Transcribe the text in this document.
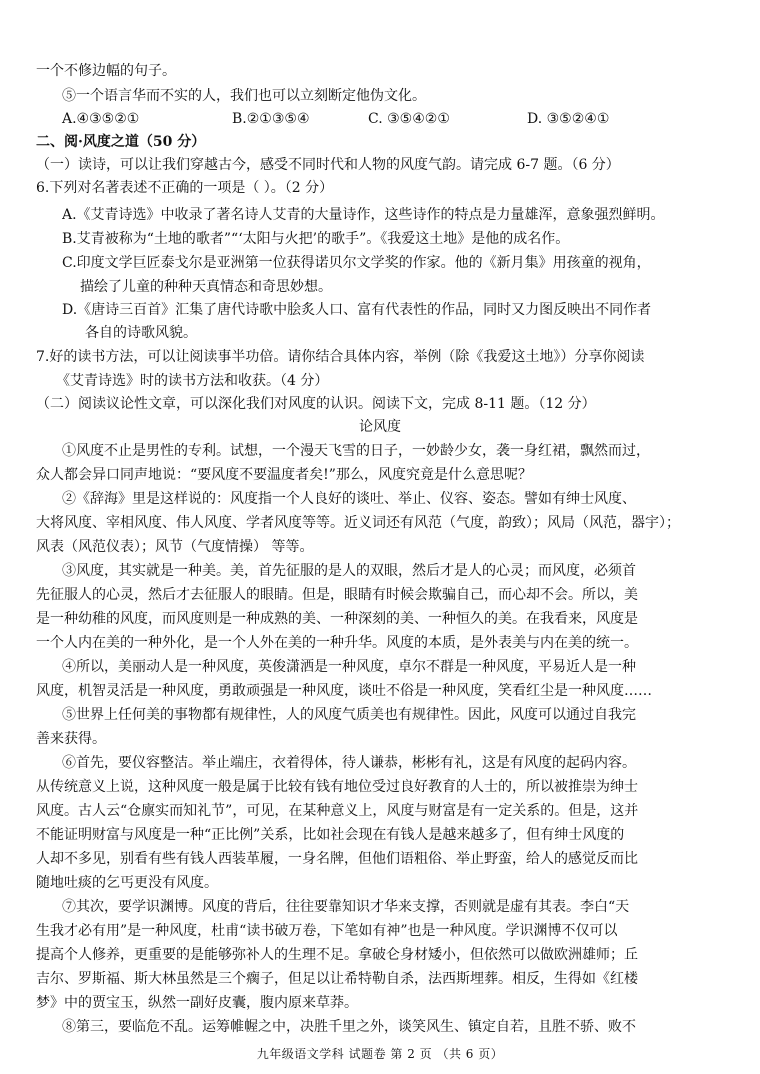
一个不修边幅的句子。
⑤一个语言华而不实的人，我们也可以立刻断定他伪文化。
A.④③⑤②①	B.②①③⑤④	C. ③⑤④②①	D. ③⑤②④①
二、阅·风度之道（50 分）
（一）读诗，可以让我们穿越古今，感受不同时代和人物的风度气韵。请完成 6-7 题。（6 分）
6.下列对名著表述不正确的一项是（ ）。（2 分）
A.《艾青诗选》中收录了著名诗人艾青的大量诗作，这些诗作的特点是力量雄浑，意象强烈鲜明。
B.艾青被称为“土地的歌者”“‘太阳与火把’的歌手”。《我爱这土地》是他的成名作。
C.印度文学巨匠泰戈尔是亚洲第一位获得诺贝尔文学奖的作家。他的《新月集》用孩童的视角，
描绘了儿童的种种天真情态和奇思妙想。
D.《唐诗三百首》汇集了唐代诗歌中脍炙人口、富有代表性的作品，同时又力图反映出不同作者
各自的诗歌风貌。
7.好的读书方法，可以让阅读事半功倍。请你结合具体内容，举例（除《我爱这土地》）分享你阅读
《艾青诗选》时的读书方法和收获。（4 分）
（二）阅读议论性文章，可以深化我们对风度的认识。阅读下文，完成 8-11 题。（12 分）
论风度
①风度不止是男性的专利。试想，一个漫天飞雪的日子，一妙龄少女，袭一身红裙，飘然而过，
众人都会异口同声地说：“要风度不要温度者矣!”那么，风度究竟是什么意思呢？
②《辞海》里是这样说的：风度指一个人良好的谈吐、举止、仪容、姿态。譬如有绅士风度、
大将风度、宰相风度、伟人风度、学者风度等等。近义词还有风范（气度，韵致）；风局（风范，器宇）；
风表（风范仪表）；风节（气度情操） 等等。
③风度，其实就是一种美。美，首先征服的是人的双眼，然后才是人的心灵；而风度，必须首
先征服人的心灵，然后才去征服人的眼睛。但是，眼睛有时候会欺骗自己，而心却不会。所以，美
是一种幼稚的风度，而风度则是一种成熟的美、一种深刻的美、一种恒久的美。在我看来，风度是
一个人内在美的一种外化，是一个人外在美的一种升华。风度的本质，是外表美与内在美的统一。
④所以，美丽动人是一种风度，英俊潇洒是一种风度，卓尔不群是一种风度，平易近人是一种
风度，机智灵活是一种风度，勇敢顽强是一种风度，谈吐不俗是一种风度，笑看红尘是一种风度……
⑤世界上任何美的事物都有规律性，人的风度气质美也有规律性。因此，风度可以通过自我完
善来获得。
⑥首先，要仪容整洁。举止端庄，衣着得体，待人谦恭，彬彬有礼，这是有风度的起码内容。
从传统意义上说，这种风度一般是属于比较有钱有地位受过良好教育的人士的，所以被推崇为绅士
风度。古人云“仓廪实而知礼节”，可见，在某种意义上，风度与财富是有一定关系的。但是，这并
不能证明财富与风度是一种“正比例”关系，比如社会现在有钱人是越来越多了，但有绅士风度的
人却不多见，别看有些有钱人西装革履，一身名牌，但他们语粗俗、举止野蛮，给人的感觉反而比
随地吐痰的乞丐更没有风度。
⑦其次，要学识渊博。风度的背后，往往要靠知识才华来支撑，否则就是虚有其表。李白“天
生我才必有用”是一种风度，杜甫“读书破万卷，下笔如有神”也是一种风度。学识渊博不仅可以
提高个人修养，更重要的是能够弥补人的生理不足。拿破仑身材矮小，但依然可以做欧洲雄师；丘
吉尔、罗斯福、斯大林虽然是三个瘸子，但足以让希特勒自杀，法西斯埋葬。相反，生得如《红楼
梦》中的贾宝玉，纵然一副好皮囊，腹内原来草莽。
⑧第三，要临危不乱。运筹帷幄之中，决胜千里之外，谈笑风生、镇定自若，且胜不骄、败不
九年级语文学科 试题卷 第 2 页 （共 6 页）
